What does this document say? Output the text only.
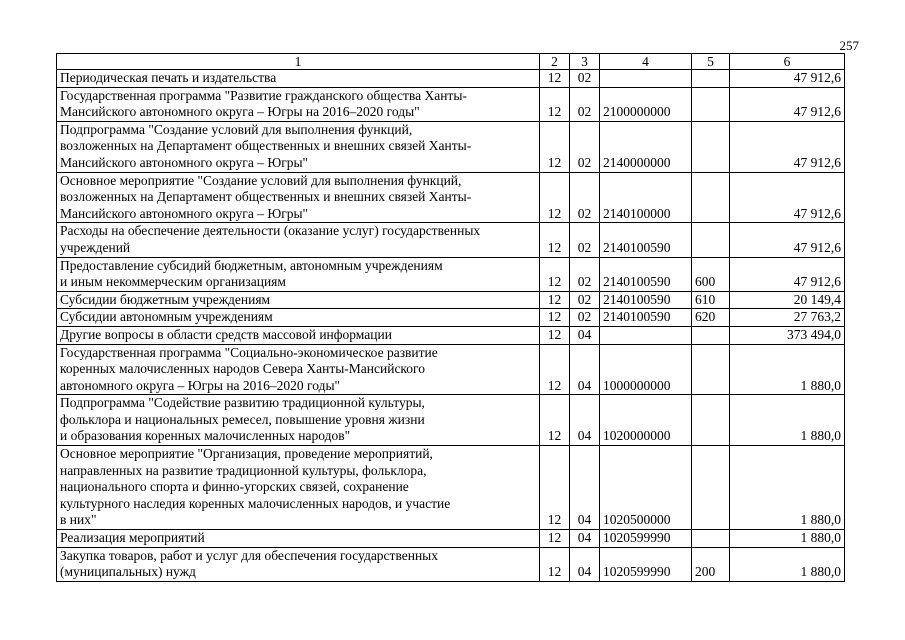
257
1	2	3	4	5	6
Периодическая печать и издательства	12	02			47 912,6
Государственная программа "Развитие гражданского общества Ханты-
Мансийского автономного округа – Югры на 2016–2020 годы"	12	02	2100000000		47 912,6
Подпрограмма "Создание условий для выполнения функций,
возложенных на Департамент общественных и внешних связей Ханты-
Мансийского автономного округа – Югры"	12	02	2140000000		47 912,6
Основное мероприятие "Создание условий для выполнения функций,
возложенных на Департамент общественных и внешних связей Ханты-
Мансийского автономного округа – Югры"	12	02	2140100000		47 912,6
Расходы на обеспечение деятельности (оказание услуг) государственных
учреждений	12	02	2140100590		47 912,6
Предоставление субсидий бюджетным, автономным учреждениям
и иным некоммерческим организациям	12	02	2140100590	600	47 912,6
Субсидии бюджетным учреждениям	12	02	2140100590	610	20 149,4
Субсидии автономным учреждениям	12	02	2140100590	620	27 763,2
Другие вопросы в области средств массовой информации	12	04			373 494,0
Государственная программа "Социально-экономическое развитие
коренных малочисленных народов Севера Ханты-Мансийского
автономного округа – Югры на 2016–2020 годы"	12	04	1000000000		1 880,0
Подпрограмма "Содействие развитию традиционной культуры,
фольклора и национальных ремесел, повышение уровня жизни
и образования коренных малочисленных народов"	12	04	1020000000		1 880,0
Основное мероприятие "Организация, проведение мероприятий,
направленных на развитие традиционной культуры, фольклора,
национального спорта и финно-угорских связей, сохранение
культурного наследия коренных малочисленных народов, и участие
в них"	12	04	1020500000		1 880,0
Реализация мероприятий	12	04	1020599990		1 880,0
Закупка товаров, работ и услуг для обеспечения государственных
(муниципальных) нужд	12	04	1020599990	200	1 880,0
